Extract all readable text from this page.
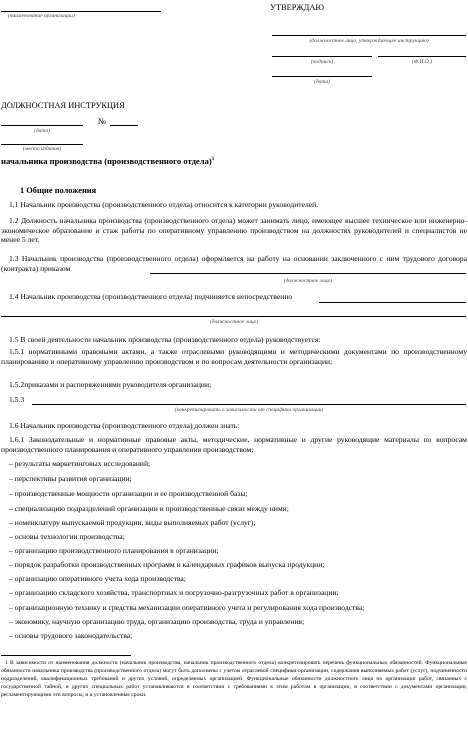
(наименование организации)
УТВЕРЖДАЮ
(должностное лицо, утверждающее инструкцию)
(подпись)	(Ф.И.О.)
(дата)
ДОЛЖНОСТНАЯ ИНСТРУКЦИЯ
№
(дата)
(место издания)
начальника производства (производственного отдела)$^1$
1 Общие положения
1.1 Начальник производства (производственного отдела) относится к категории руководителей.
1.2 Должность начальника производства (производственного отдела) может занимать лицо, имеющее высшее техническое или инженерно-экономическое образование и стаж работы по оперативному управлению производством на должностях руководителей и специалистов не менее 5 лет.
1.3 Начальник производства (производственного отдела) оформляется на работу на основании заключенного с ним трудового договора (контракта) приказом
(должностное лицо)
1.4 Начальник производства (производственного отдела) подчиняется непосредственно
(должностное лицо)
1.5 В своей деятельности начальник производства (производственного отдела) руководствуется:
1.5.1 нормативными правовыми актами, а также отраслевыми руководящими и методическими документами по производственному планированию и оперативному управлению производством и по вопросам деятельности организации;
1.5.2приказами и распоряжениями руководителя организации;
1.5.3
(конкретизировать в зависимости от специфики организации)
1.6 Начальник производства (производственного отдела) должен знать:
1.6.1 Законодательные и нормативные правовые акты, методические, нормативные и другие руководящие материалы по вопросам производственного планирования и оперативного управления производством;
– результаты маркетинговых исследований;
– перспективы развития организации;
– производственные мощности организации и ее производственной базы;
– специализацию подразделений организации и производственные связи между ними;
– номенклатуру выпускаемой продукции, виды выполняемых работ (услуг);
– основы технологии производства;
– организацию производственного планирования в организации;
– порядок разработки производственных программ и календарных графиков выпуска продукции;
– организацию оперативного учета хода производства;
– организацию складского хозяйства, транспортных и погрузочно-разгрузочных работ в организации;
– организационную технику и средства механизации оперативного учета и регулирования хода производства;
– экономику, научную организацию труда, организацию производства, труда и управления;
– основы трудового законодательства;
1 В зависимости от наименования должности (начальник производства, начальник производственного отдела) конкретизировать перечень функциональных обязанностей. Функциональные обязанности начальника производства (производственного отдела) могут быть дополнены с учетом отраслевой специфики организации, содержания выполняемых работ (услуг), подчиненности подразделений, квалификационных требований и других условий, определяемых организацией. Функциональные обязанности должностного лица по организации работ, связанных с государственной тайной, и других специальных работ устанавливаются в соответствии с требованиями к этим работам в организации, в соответствии с документами организации, регламентирующими эти вопросы, и в установленные сроки.
